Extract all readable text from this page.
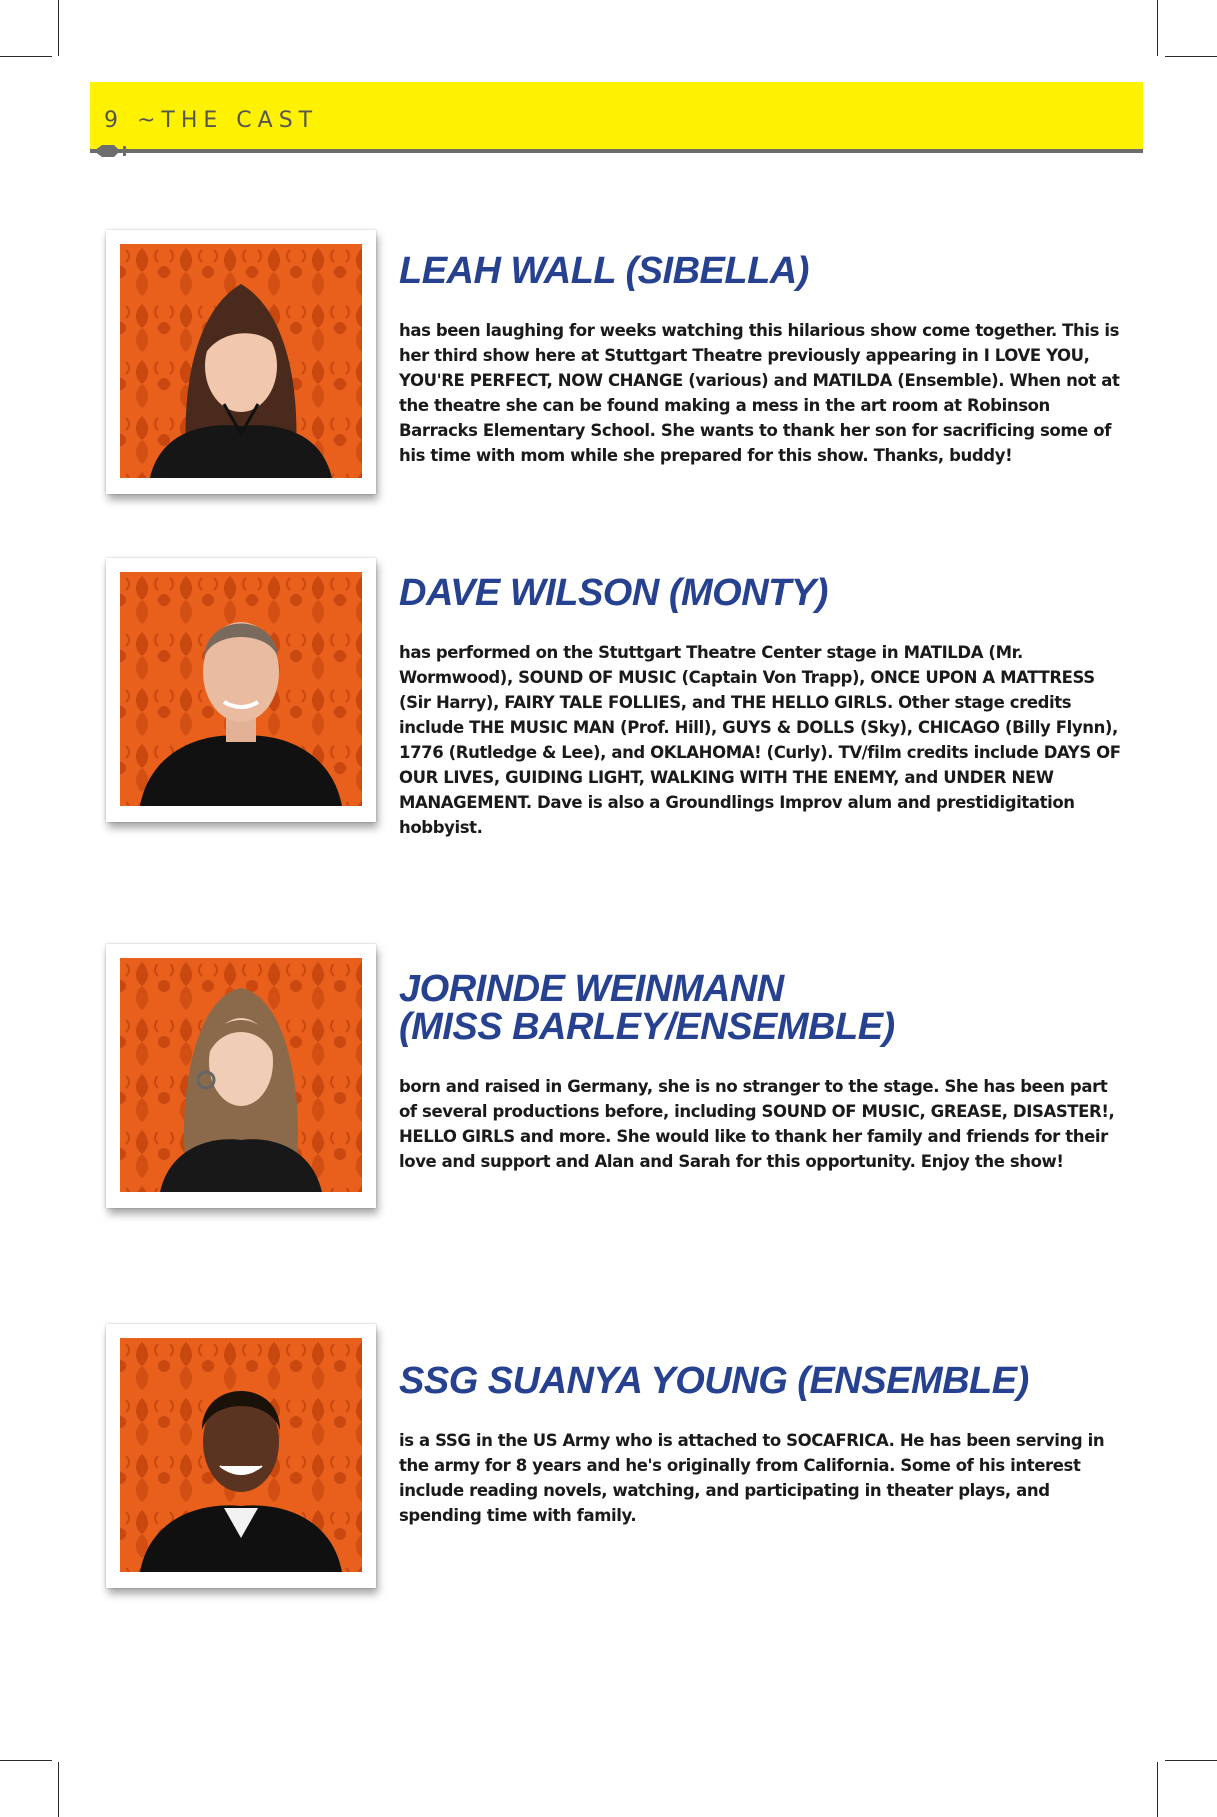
9 ~THE CAST
LEAH WALL (SIBELLA)
has been laughing for weeks watching this hilarious show come together. This is her third show here at Stuttgart Theatre previously appearing in I LOVE YOU, YOU'RE PERFECT, NOW CHANGE (various) and MATILDA (Ensemble). When not at the theatre she can be found making a mess in the art room at Robinson Barracks Elementary School. She wants to thank her son for sacrificing some of his time with mom while she prepared for this show. Thanks, buddy!
DAVE WILSON (MONTY)
has performed on the Stuttgart Theatre Center stage in MATILDA (Mr. Wormwood), SOUND OF MUSIC (Captain Von Trapp), ONCE UPON A MATTRESS (Sir Harry), FAIRY TALE FOLLIES, and THE HELLO GIRLS. Other stage credits include THE MUSIC MAN (Prof. Hill), GUYS & DOLLS (Sky), CHICAGO (Billy Flynn), 1776 (Rutledge & Lee), and OKLAHOMA! (Curly). TV/film credits include DAYS OF OUR LIVES, GUIDING LIGHT, WALKING WITH THE ENEMY, and UNDER NEW MANAGEMENT. Dave is also a Groundlings Improv alum and prestidigitation hobbyist.
JORINDE WEINMANN
(MISS BARLEY/ENSEMBLE)
born and raised in Germany, she is no stranger to the stage. She has been part of several productions before, including SOUND OF MUSIC, GREASE, DISASTER!, HELLO GIRLS and more. She would like to thank her family and friends for their love and support and Alan and Sarah for this opportunity. Enjoy the show!
SSG SUANYA YOUNG (ENSEMBLE)
is a SSG in the US Army who is attached to SOCAFRICA. He has been serving in the army for 8 years and he's originally from California. Some of his interest include reading novels, watching, and participating in theater plays, and spending time with family.
